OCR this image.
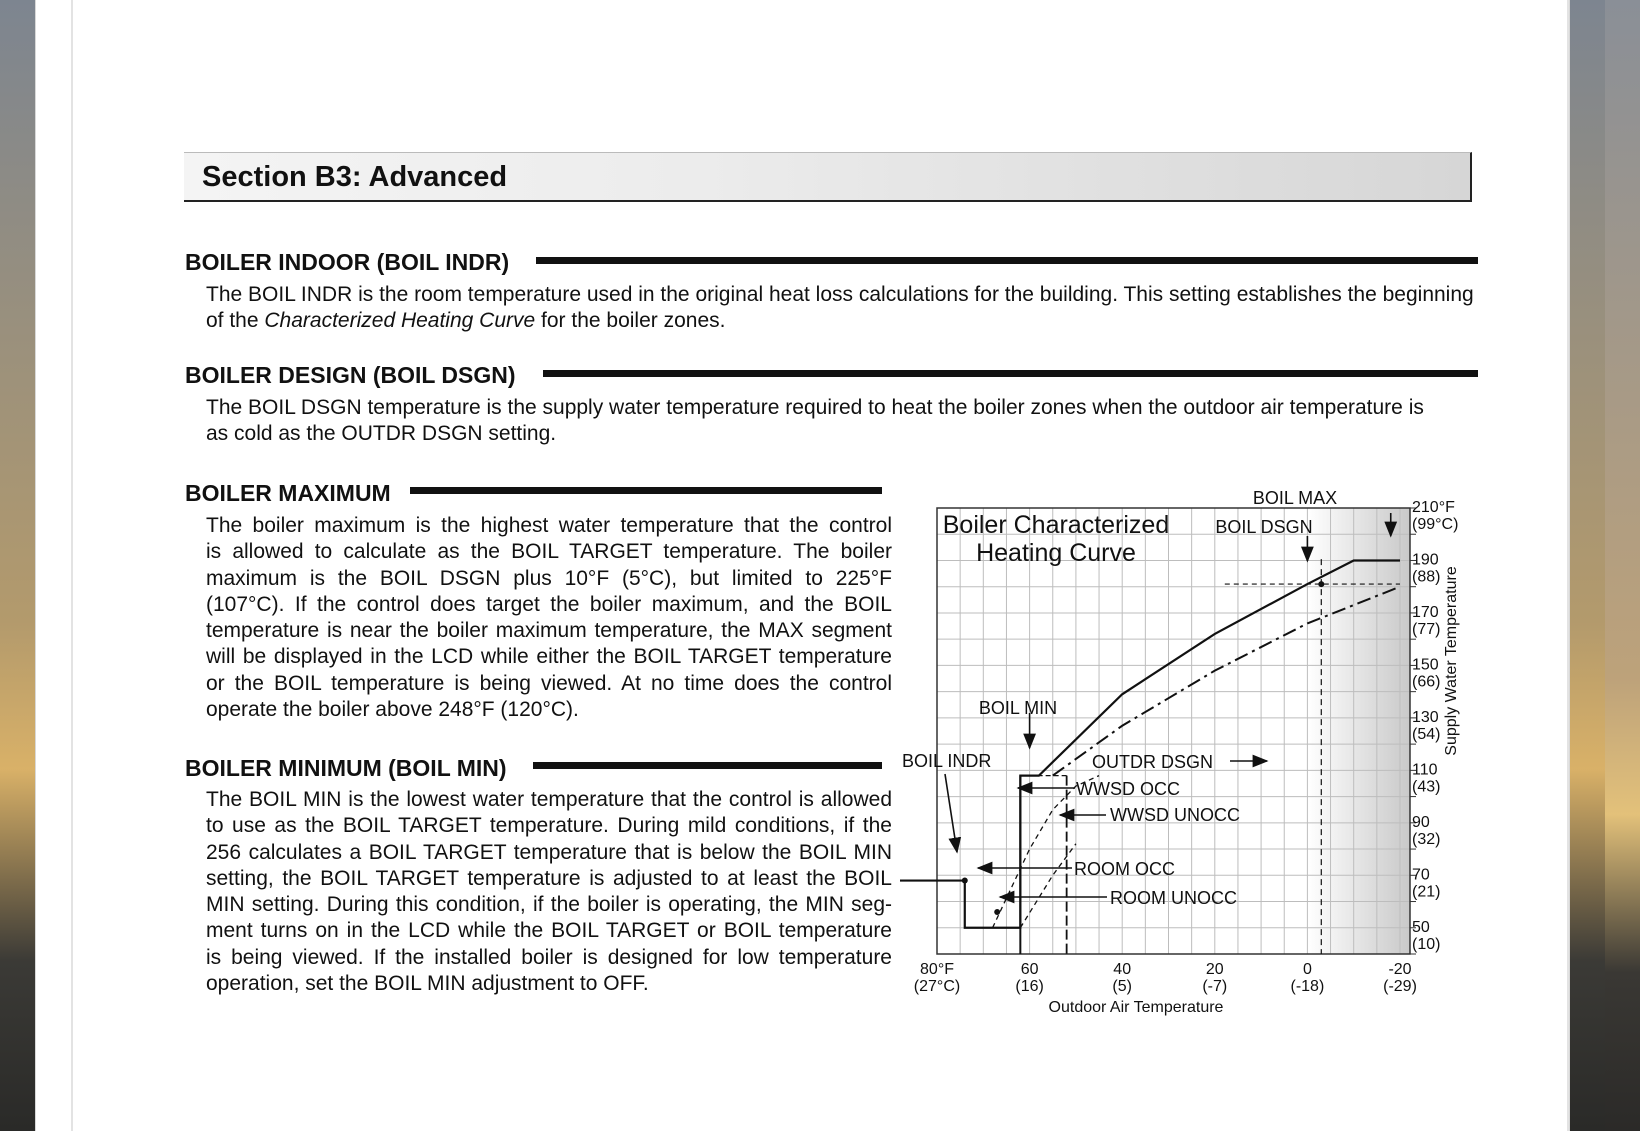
Section B3: Advanced
BOILER INDOOR (BOIL INDR)
The BOIL INDR is the room temperature used in the original heat loss calculations for the building. This setting establishes the beginning
of the Characterized Heating Curve for the boiler zones.
BOILER DESIGN (BOIL DSGN)
The BOIL DSGN temperature is the supply water temperature required to heat the boiler zones when the outdoor air temperature is
as cold as the OUTDR DSGN setting.
BOILER MAXIMUM
The boiler maximum is the highest water temperature that the control
is allowed to calculate as the BOIL TARGET temperature. The boiler
maximum is the BOIL DSGN plus 10°F (5°C), but limited to 225°F
(107°C). If the control does target the boiler maximum, and the BOIL
temperature is near the boiler maximum temperature, the MAX segment
will be displayed in the LCD while either the BOIL TARGET temperature
or the BOIL temperature is being viewed. At no time does the control
operate the boiler above 248°F (120°C).
BOILER MINIMUM (BOIL MIN)
The BOIL MIN is the lowest water temperature that the control is allowed
to use as the BOIL TARGET temperature. During mild conditions, if the
256 calculates a BOIL TARGET temperature that is below the BOIL MIN
setting, the BOIL TARGET temperature is adjusted to at least the BOIL
MIN setting. During this condition, if the boiler is operating, the MIN seg-
ment turns on in the LCD while the BOIL TARGET or BOIL temperature
is being viewed. If the installed boiler is designed for low temperature
operation, set the BOIL MIN adjustment to OFF.
Boiler Characterized
Heating Curve
BOIL MAX
BOIL DSGN
BOIL MIN
BOIL INDR	OUTDR DSGN
WWSD OCC
WWSD UNOCC
ROOM OCC
ROOM UNOCC
80°F
(27°C)
60
(16)
40
(5)
20
(-7)
0
(-18)
-20
(-29)
Outdoor Air Temperature
210°F
(99°C)
190
(88)
170
(77)
150
(66)
130
(54)
110
(43)
90
(32)
70
(21)
50
(10)
Supply Water Temperature
